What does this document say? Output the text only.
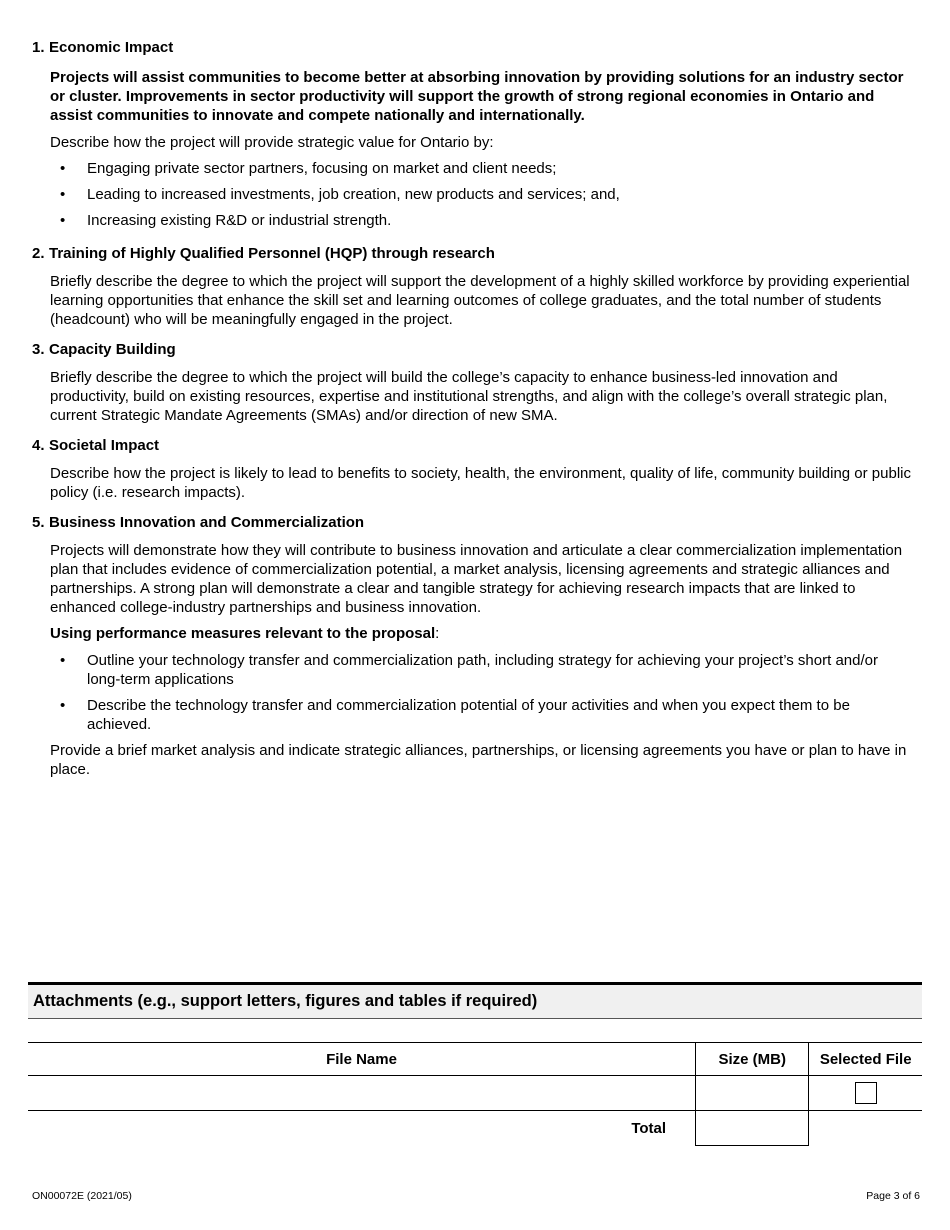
1. Economic Impact

Projects will assist communities to become better at absorbing innovation by providing solutions for an industry sector or cluster. Improvements in sector productivity will support the growth of strong regional economies in Ontario and assist communities to innovate and compete nationally and internationally.

Describe how the project will provide strategic value for Ontario by:

• Engaging private sector partners, focusing on market and client needs;

• Leading to increased investments, job creation, new products and services; and,

• Increasing existing R&D or industrial strength.

2. Training of Highly Qualified Personnel (HQP) through research

Briefly describe the degree to which the project will support the development of a highly skilled workforce by providing experiential learning opportunities that enhance the skill set and learning outcomes of college graduates, and the total number of students (headcount) who will be meaningfully engaged in the project.

3. Capacity Building

Briefly describe the degree to which the project will build the college’s capacity to enhance business-led innovation and productivity, build on existing resources, expertise and institutional strengths, and align with the college’s overall strategic plan, current Strategic Mandate Agreements (SMAs) and/or direction of new SMA.

4. Societal Impact

Describe how the project is likely to lead to benefits to society, health, the environment, quality of life, community building or public policy (i.e. research impacts).

5. Business Innovation and Commercialization

Projects will demonstrate how they will contribute to business innovation and articulate a clear commercialization implementation plan that includes evidence of commercialization potential, a market analysis, licensing agreements and strategic alliances and partnerships. A strong plan will demonstrate a clear and tangible strategy for achieving research impacts that are linked to enhanced college-industry partnerships and business innovation.

Using performance measures relevant to the proposal:

• Outline your technology transfer and commercialization path, including strategy for achieving your project’s short and/or long-term applications

• Describe the technology transfer and commercialization potential of your activities and when you expect them to be achieved.

Provide a brief market analysis and indicate strategic alliances, partnerships, or licensing agreements you have or plan to have in place.

Attachments (e.g., support letters, figures and tables if required)
File Name	Size (MB)	Selected File

Total		
ON00072E (2021/05)	Page 3 of 6
